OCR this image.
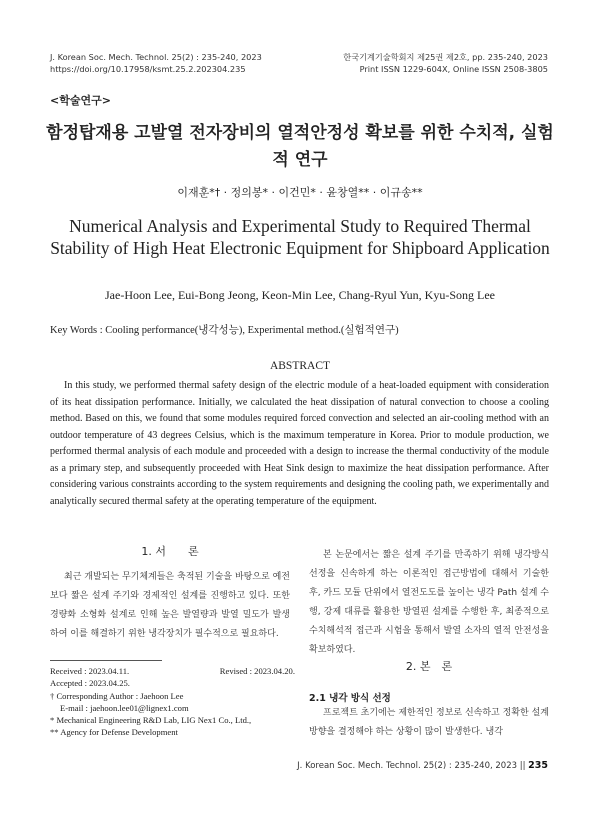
J. Korean Soc. Mech. Technol. 25(2) : 235-240, 2023
https://doi.org/10.17958/ksmt.25.2.202304.235
한국기계기술학회지 제25권 제2호, pp. 235-240, 2023
Print ISSN 1229-604X, Online ISSN 2508-3805
<학술연구>
함정탑재용 고발열 전자장비의 열적안정성 확보를 위한 수치적, 실험적 연구
이재훈*† · 정의봉* · 이건민* · 윤창열** · 이규송**
Numerical Analysis and Experimental Study to Required Thermal Stability of High Heat Electronic Equipment for Shipboard Application
Jae-Hoon Lee, Eui-Bong Jeong, Keon-Min Lee, Chang-Ryul Yun, Kyu-Song Lee
Key Words : Cooling performance(냉각성능), Experimental method.(실험적연구)
ABSTRACT
In this study, we performed thermal safety design of the electric module of a heat-loaded equipment with consideration of its heat dissipation performance. Initially, we calculated the heat dissipation of natural convection to choose a cooling method. Based on this, we found that some modules required forced convection and selected an air-cooling method with an outdoor temperature of 43 degrees Celsius, which is the maximum temperature in Korea. Prior to module production, we performed thermal analysis of each module and proceeded with a design to increase the thermal conductivity of the module as a primary step, and subsequently proceeded with Heat Sink design to maximize the heat dissipation performance. After considering various constraints according to the system requirements and designing the cooling path, we experimentally and analytically secured thermal safety at the operating temperature of the equipment.
1. 서　　론
최근 개발되는 무기체계들은 축적된 기술을 바탕으로 예전보다 짧은 설계 주기와 경제적인 설계를 진행하고 있다. 또한 경량화 소형화 설계로 인해 높은 발열량과 발열 밀도가 발생하여 이를 해결하기 위한 냉각장치가 필수적으로 필요하다.
본 논문에서는 짧은 설계 주기를 만족하기 위해 냉각방식선정을 신속하게 하는 이론적인 접근방법에 대해서 기술한 후, 카드 모듈 단위에서 열전도도를 높이는 냉각 Path 설계 수행, 강제 대류를 활용한 방열핀 설계를 수행한 후, 최종적으로 수치해석적 접근과 시험을 통해서 발열 소자의 열적 안전성을 확보하였다.
2. 본　론
2.1 냉각 방식 선정
프로젝트 초기에는 제한적인 정보로 신속하고 정확한 설계방향을 결정해야 하는 상황이 많이 발생한다. 냉각
Received : 2023.04.11.	Revised : 2023.04.20.
Accepted : 2023.04.25.
† Corresponding Author : Jaehoon Lee
E-mail : jaehoon.lee01@lignex1.com
* Mechanical Engineering R&D Lab, LIG Nex1 Co., Ltd.,
** Agency for Defense Development
J. Korean Soc. Mech. Technol. 25(2) : 235-240, 2023 || 235
